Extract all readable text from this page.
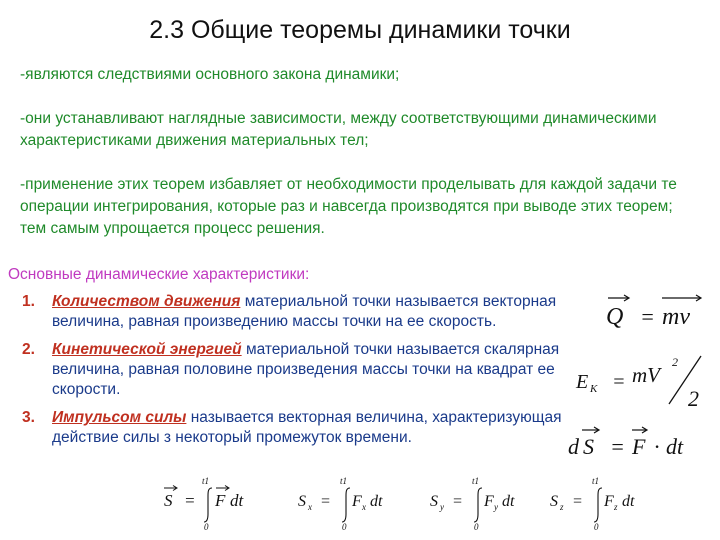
2.3 Общие теоремы динамики точки
-являются следствиями основного закона динамики;
-они устанавливают наглядные зависимости, между соответствующими динамическими характеристиками движения материальных тел;
-применение этих теорем избавляет от необходимости проделывать для каждой задачи те операции интегрирования, которые раз и навсегда производятся при выводе этих теорем; тем самым упрощается процесс решения.
Основные динамические характеристики:
1. Количеством движения материальной точки называется векторная величина, равная произведению массы точки на ее скорость.
2. Кинетической энергией материальной точки называется скалярная величина, равная половине произведения массы точки на квадрат ее скорости.
3. Импульсом силы называется векторная величина, характеризующая действие силы з некоторый промежуток времени.
Q = mv
E K = mV
2
2
d S = F · dt
S =
t1
0
F dt	S x =
t1
0
F x dt	S y =
t1
0
F y dt S z =
t1
0
F z dt
